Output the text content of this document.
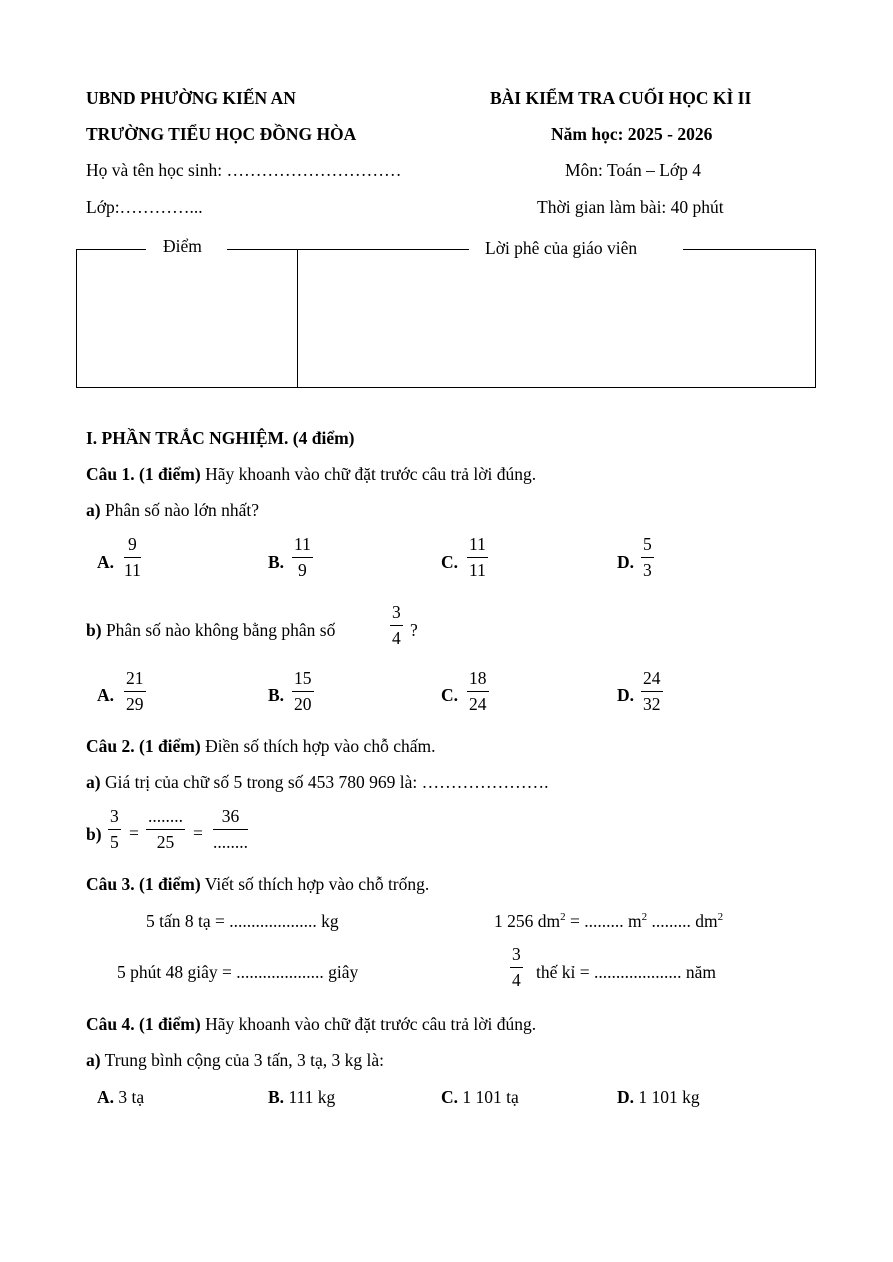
UBND PHƯỜNG KIẾN AN
TRƯỜNG TIỂU HỌC ĐỒNG HÒA
Họ và tên học sinh: …………………………
Lớp:…………...
BÀI KIỂM TRA CUỐI HỌC KÌ II
Năm học: 2025 - 2026
Môn: Toán – Lớp 4
Thời gian làm bài: 40 phút
Điểm	Lời phê của giáo viên
I. PHẦN TRẮC NGHIỆM. (4 điểm)
Câu 1. (1 điểm) Hãy khoanh vào chữ đặt trước câu trả lời đúng.
a) Phân số nào lớn nhất?
A. $\frac{9}{11}$	B. $\frac{11}{9}$	C. $\frac{11}{11}$	D. $\frac{5}{3}$
b) Phân số nào không bằng phân số	$\frac{3}{4}$ ?
A. $\frac{21}{29}$	B. $\frac{15}{20}$	C. $\frac{18}{24}$	D. $\frac{24}{32}$
Câu 2. (1 điểm) Điền số thích hợp vào chỗ chấm.
a) Giá trị của chữ số 5 trong số 453 780 969 là: ………………….
$b) \frac{3}{5}$ =
........
25	=
36
........
Câu 3. (1 điểm) Viết số thích hợp vào chỗ trống.
5 tấn 8 tạ = .................... kg	1 256 $dm^2$ = ......... $m^2$ ......... $dm^2$
5 phút 48 giây = .................... giây	$\frac{3}{4}$ thế kỉ = .................... năm
Câu 4. (1 điểm) Hãy khoanh vào chữ đặt trước câu trả lời đúng.
a) Trung bình cộng của 3 tấn, 3 tạ, 3 kg là:
A. 3 tạ	B. 111 kg	C. 1 101 tạ	D. 1 101 kg
